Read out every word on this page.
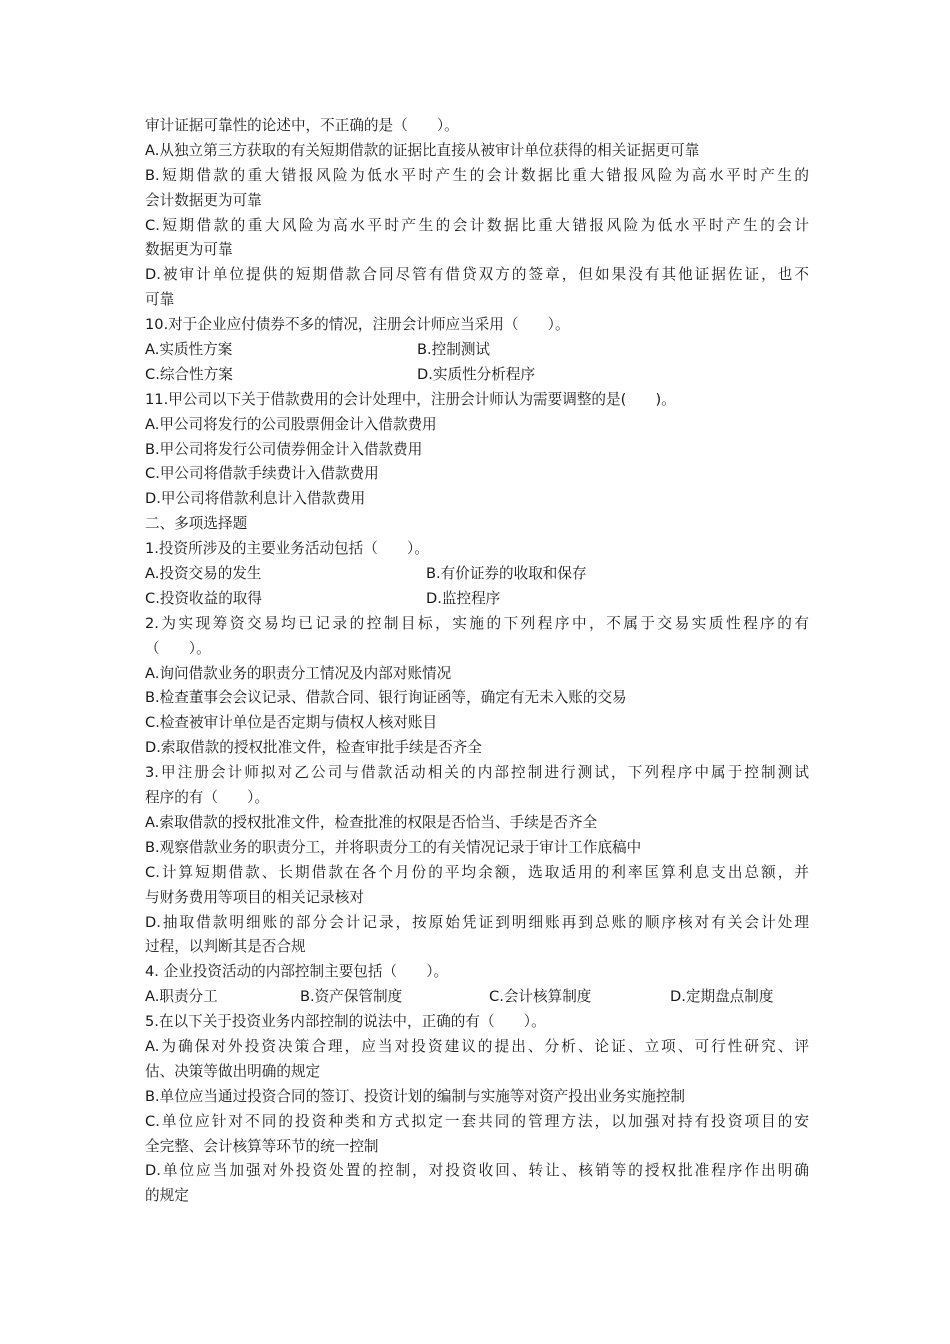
审计证据可靠性的论述中，不正确的是（　　）。
A.从独立第三方获取的有关短期借款的证据比直接从被审计单位获得的相关证据更可靠
B.短期借款的重大错报风险为低水平时产生的会计数据比重大错报风险为高水平时产生的
会计数据更为可靠
C.短期借款的重大风险为高水平时产生的会计数据比重大错报风险为低水平时产生的会计
数据更为可靠
D.被审计单位提供的短期借款合同尽管有借贷双方的签章，但如果没有其他证据佐证，也不
可靠
10.对于企业应付债券不多的情况，注册会计师应当采用（　　）。
A.实质性方案	B.控制测试
C.综合性方案	D.实质性分析程序
11.甲公司以下关于借款费用的会计处理中，注册会计师认为需要调整的是(　　)。
A.甲公司将发行的公司股票佣金计入借款费用
B.甲公司将发行公司债券佣金计入借款费用
C.甲公司将借款手续费计入借款费用
D.甲公司将借款利息计入借款费用
二、多项选择题
1.投资所涉及的主要业务活动包括（　　）。
A.投资交易的发生	B.有价证券的收取和保存
C.投资收益的取得	D.监控程序
2.为实现筹资交易均已记录的控制目标，实施的下列程序中，不属于交易实质性程序的有
（　　）。
A.询问借款业务的职责分工情况及内部对账情况
B.检查董事会会议记录、借款合同、银行询证函等，确定有无未入账的交易
C.检查被审计单位是否定期与债权人核对账目
D.索取借款的授权批准文件，检查审批手续是否齐全
3.甲注册会计师拟对乙公司与借款活动相关的内部控制进行测试，下列程序中属于控制测试
程序的有（　　）。
A.索取借款的授权批准文件，检查批准的权限是否恰当、手续是否齐全
B.观察借款业务的职责分工，并将职责分工的有关情况记录于审计工作底稿中
C.计算短期借款、长期借款在各个月份的平均余额，选取适用的利率匡算利息支出总额，并
与财务费用等项目的相关记录核对
D.抽取借款明细账的部分会计记录，按原始凭证到明细账再到总账的顺序核对有关会计处理
过程，以判断其是否合规
4. 企业投资活动的内部控制主要包括（　　）。
A.职责分工	B.资产保管制度	C.会计核算制度	D.定期盘点制度
5.在以下关于投资业务内部控制的说法中，正确的有（　　）。
A.为确保对外投资决策合理，应当对投资建议的提出、分析、论证、立项、可行性研究、评
估、决策等做出明确的规定
B.单位应当通过投资合同的签订、投资计划的编制与实施等对资产投出业务实施控制
C.单位应针对不同的投资种类和方式拟定一套共同的管理方法，以加强对持有投资项目的安
全完整、会计核算等环节的统一控制
D.单位应当加强对外投资处置的控制，对投资收回、转让、核销等的授权批准程序作出明确
的规定
